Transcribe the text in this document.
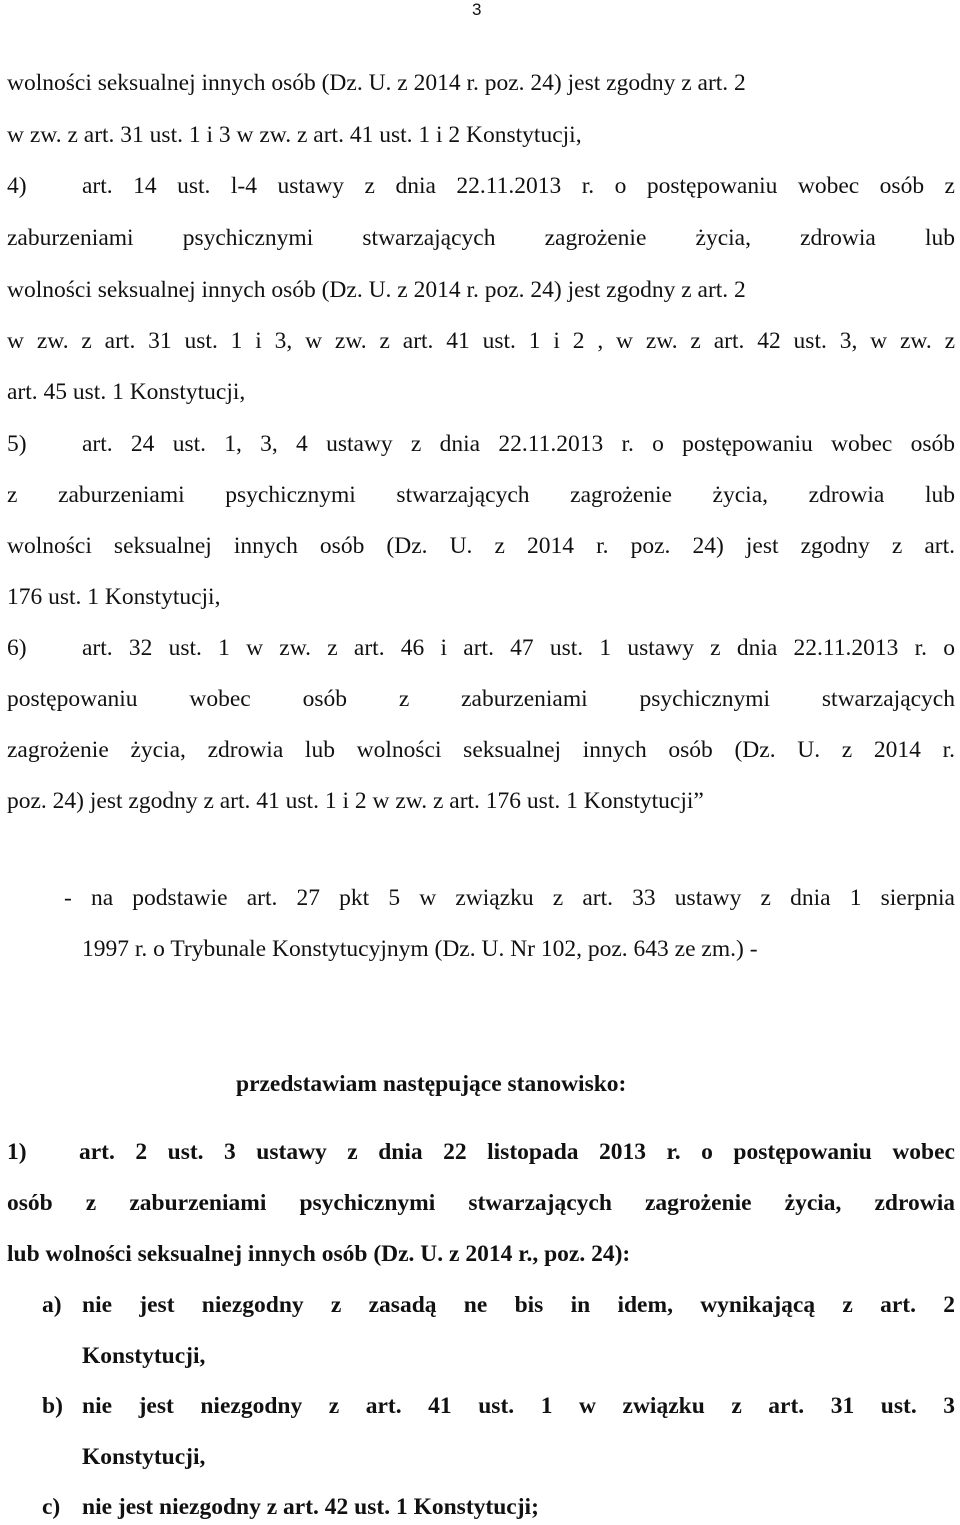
3
wolności seksualnej innych osób (Dz. U. z 2014 r. poz. 24) jest zgodny z art. 2
w zw. z art. 31 ust. 1 i 3 w zw. z art. 41 ust. 1 i 2 Konstytucji,
4) art. 14 ust. l-4 ustawy z dnia 22.11.2013 r. o postępowaniu wobec osób z
zaburzeniami psychicznymi stwarzających zagrożenie życia, zdrowia lub
wolności seksualnej innych osób (Dz. U. z 2014 r. poz. 24) jest zgodny z art. 2
w zw. z art. 31 ust. 1 i 3, w zw. z art. 41 ust. 1 i 2 , w zw. z art. 42 ust. 3, w zw. z
art. 45 ust. 1 Konstytucji,
5) art. 24 ust. 1, 3, 4 ustawy z dnia 22.11.2013 r. o postępowaniu wobec osób
z zaburzeniami psychicznymi stwarzających zagrożenie życia, zdrowia lub
wolności seksualnej innych osób (Dz. U. z 2014 r. poz. 24) jest zgodny z art.
176 ust. 1 Konstytucji,
6) art. 32 ust. 1 w zw. z art. 46 i art. 47 ust. 1 ustawy z dnia 22.11.2013 r. o
postępowaniu wobec osób z zaburzeniami psychicznymi stwarzających
zagrożenie życia, zdrowia lub wolności seksualnej innych osób (Dz. U. z 2014 r.
poz. 24) jest zgodny z art. 41 ust. 1 i 2 w zw. z art. 176 ust. 1 Konstytucji”
- na podstawie art. 27 pkt 5 w związku z art. 33 ustawy z dnia 1 sierpnia
1997 r. o Trybunale Konstytucyjnym (Dz. U. Nr 102, poz. 643 ze zm.) -
przedstawiam następujące stanowisko:
1) art. 2 ust. 3 ustawy z dnia 22 listopada 2013 r. o postępowaniu wobec
osób z zaburzeniami psychicznymi stwarzających zagrożenie życia, zdrowia
lub wolności seksualnej innych osób (Dz. U. z 2014 r., poz. 24):
a) nie jest niezgodny z zasadą ne bis in idem, wynikającą z art. 2
Konstytucji,
b) nie jest niezgodny z art. 41 ust. 1 w związku z art. 31 ust. 3
Konstytucji,
c) nie jest niezgodny z art. 42 ust. 1 Konstytucji;
